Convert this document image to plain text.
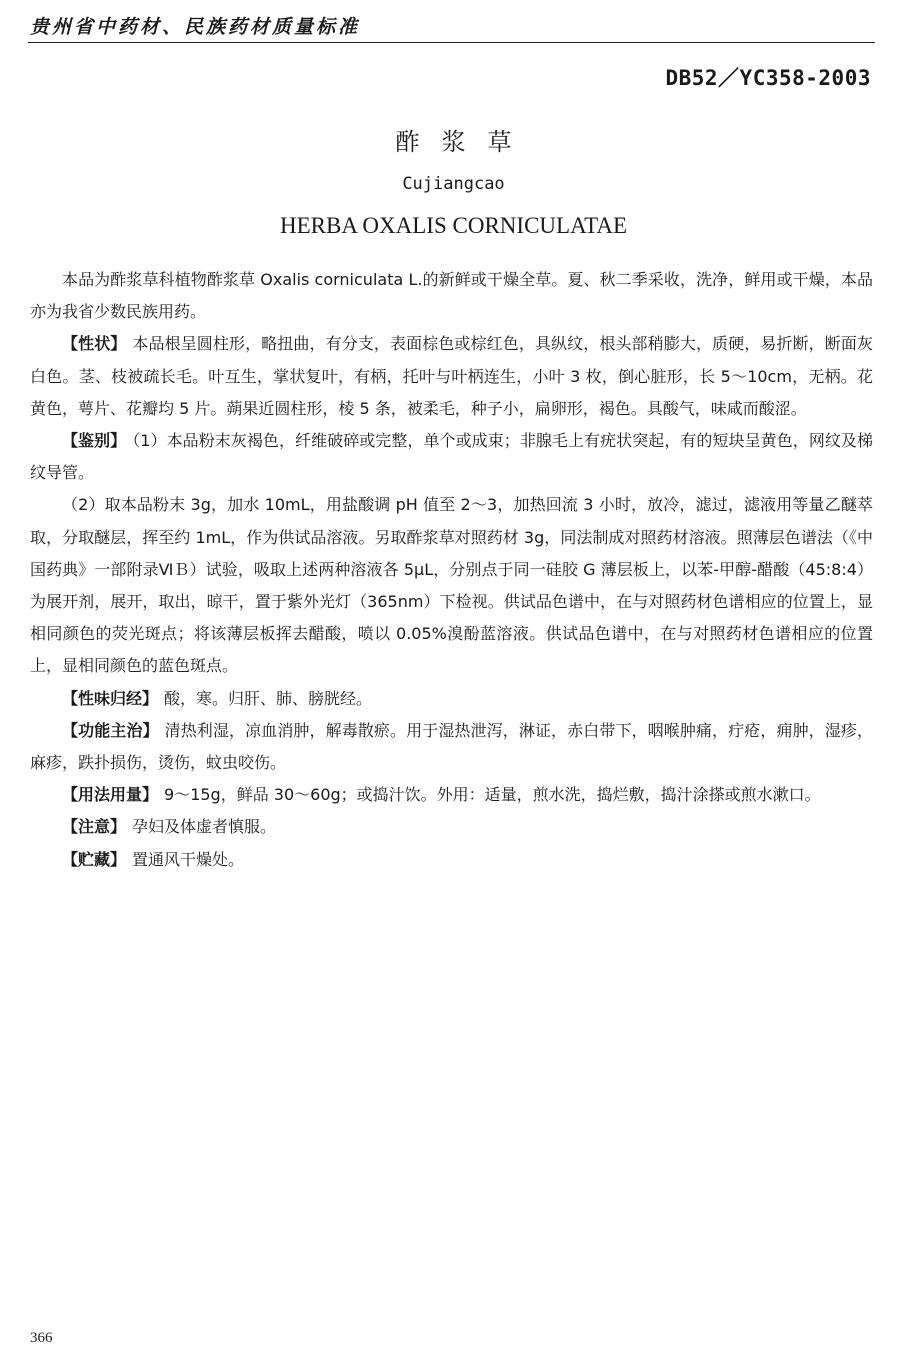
贵州省中药材、民族药材质量标准
DB52／YC358-2003
酢浆草
Cujiangcao
HERBA OXALIS CORNICULATAE

本品为酢浆草科植物酢浆草 Oxalis corniculata L.的新鲜或干燥全草。夏、秋二季采收，洗净，鲜用或干燥，本品亦为我省少数民族用药。

【性状】 本品根呈圆柱形，略扭曲，有分支，表面棕色或棕红色，具纵纹，根头部稍膨大，质硬，易折断，断面灰白色。茎、枝被疏长毛。叶互生，掌状复叶，有柄，托叶与叶柄连生，小叶 3 枚，倒心脏形，长 5～10cm，无柄。花黄色，萼片、花瓣均 5 片。蒴果近圆柱形，棱 5 条，被柔毛，种子小，扁卵形，褐色。具酸气，味咸而酸涩。

【鉴别】 （1）本品粉末灰褐色，纤维破碎或完整，单个或成束；非腺毛上有疣状突起，有的短块呈黄色，网纹及梯纹导管。

（2）取本品粉末 3g，加水 10mL，用盐酸调 pH 值至 2～3，加热回流 3 小时，放冷，滤过，滤液用等量乙醚萃取，分取醚层，挥至约 1mL，作为供试品溶液。另取酢浆草对照药材 3g，同法制成对照药材溶液。照薄层色谱法（《中国药典》一部附录ⅥＢ）试验，吸取上述两种溶液各 5μL，分别点于同一硅胶 G 薄层板上，以苯-甲醇-醋酸（45:8:4）为展开剂，展开，取出，晾干，置于紫外光灯（365nm）下检视。供试品色谱中，在与对照药材色谱相应的位置上，显相同颜色的荧光斑点；将该薄层板挥去醋酸，喷以 0.05%溴酚蓝溶液。供试品色谱中，在与对照药材色谱相应的位置上，显相同颜色的蓝色斑点。

【性味归经】 酸，寒。归肝、肺、膀胱经。

【功能主治】 清热利湿，凉血消肿，解毒散瘀。用于湿热泄泻，淋证，赤白带下，咽喉肿痛，疔疮，痈肿，湿疹，麻疹，跌扑损伤，烫伤，蚊虫咬伤。

【用法用量】 9～15g，鲜品 30～60g；或捣汁饮。外用：适量，煎水洗，捣烂敷，捣汁涂搽或煎水漱口。

【注意】 孕妇及体虚者慎服。

【贮藏】 置通风干燥处。

366
